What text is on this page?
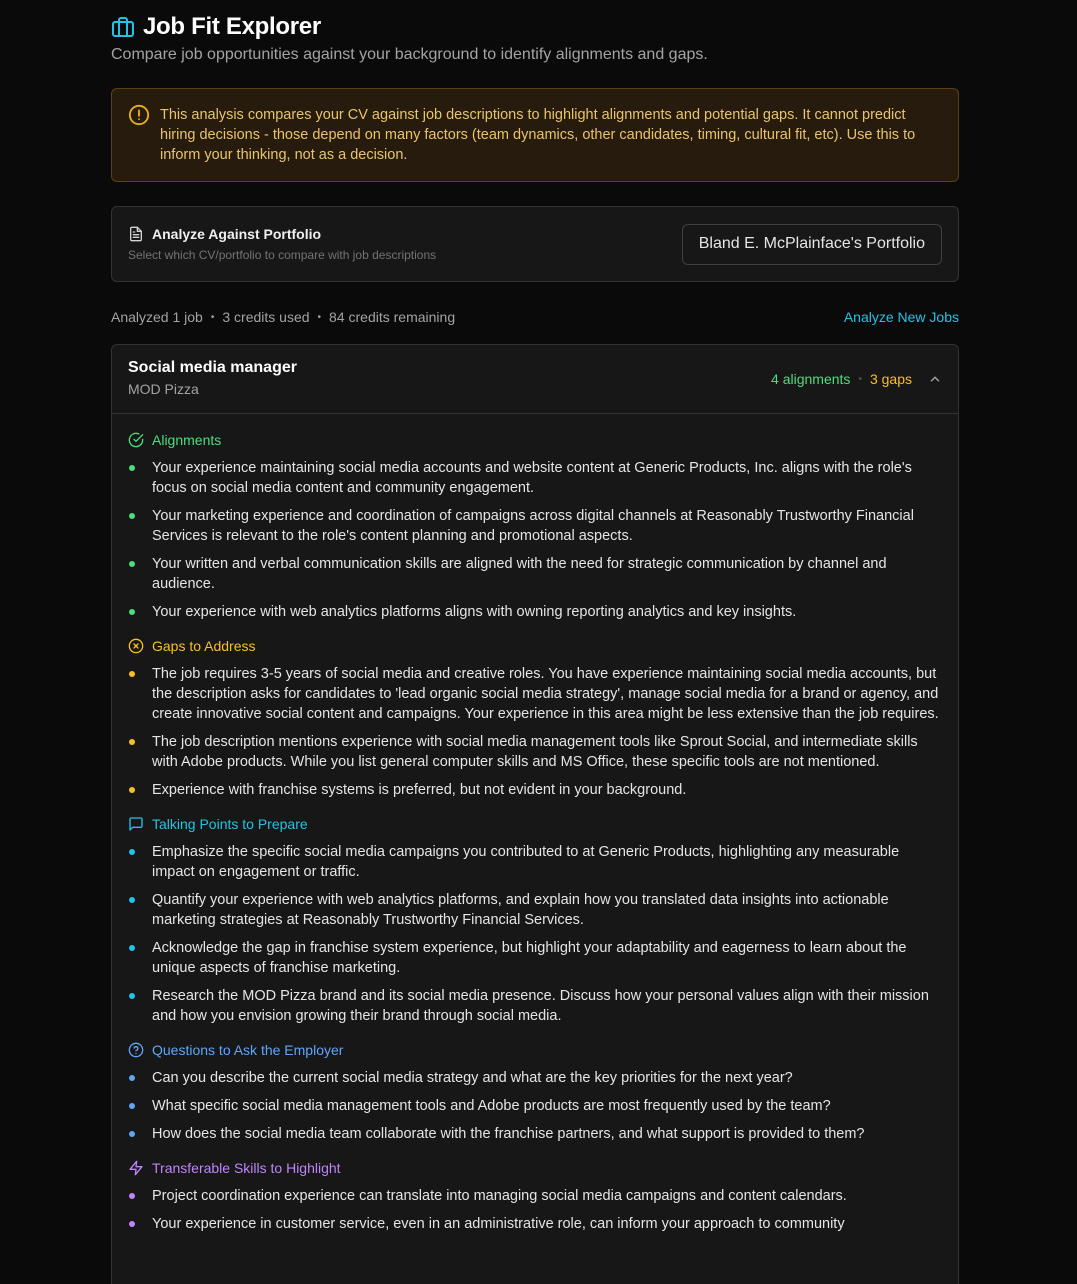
Job Fit Explorer

Compare job opportunities against your background to identify alignments and gaps.

This analysis compares your CV against job descriptions to highlight alignments and potential gaps. It cannot predict hiring decisions - those depend on many factors (team dynamics, other candidates, timing, cultural fit, etc). Use this to inform your thinking, not as a decision.

Analyze Against Portfolio
Select which CV/portfolio to compare with job descriptions
Bland E. McPlainface's Portfolio
Analyzed 1 job • 3 credits used • 84 credits remaining	Analyze New Jobs
Social media manager
MOD Pizza
4 alignments • 3 gaps
Alignments
Your experience maintaining social media accounts and website content at Generic Products, Inc. aligns with the role's focus on social media content and community engagement.
Your marketing experience and coordination of campaigns across digital channels at Reasonably Trustworthy Financial Services is relevant to the role's content planning and promotional aspects.
Your written and verbal communication skills are aligned with the need for strategic communication by channel and audience.
Your experience with web analytics platforms aligns with owning reporting analytics and key insights.
Gaps to Address
The job requires 3-5 years of social media and creative roles. You have experience maintaining social media accounts, but the description asks for candidates to 'lead organic social media strategy', manage social media for a brand or agency, and create innovative social content and campaigns. Your experience in this area might be less extensive than the job requires.
The job description mentions experience with social media management tools like Sprout Social, and intermediate skills with Adobe products. While you list general computer skills and MS Office, these specific tools are not mentioned.
Experience with franchise systems is preferred, but not evident in your background.
Talking Points to Prepare
Emphasize the specific social media campaigns you contributed to at Generic Products, highlighting any measurable impact on engagement or traffic.
Quantify your experience with web analytics platforms, and explain how you translated data insights into actionable marketing strategies at Reasonably Trustworthy Financial Services.
Acknowledge the gap in franchise system experience, but highlight your adaptability and eagerness to learn about the unique aspects of franchise marketing.
Research the MOD Pizza brand and its social media presence. Discuss how your personal values align with their mission and how you envision growing their brand through social media.
Questions to Ask the Employer
Can you describe the current social media strategy and what are the key priorities for the next year?
What specific social media management tools and Adobe products are most frequently used by the team?
How does the social media team collaborate with the franchise partners, and what support is provided to them?
Transferable Skills to Highlight
Project coordination experience can translate into managing social media campaigns and content calendars.
Your experience in customer service, even in an administrative role, can inform your approach to community
